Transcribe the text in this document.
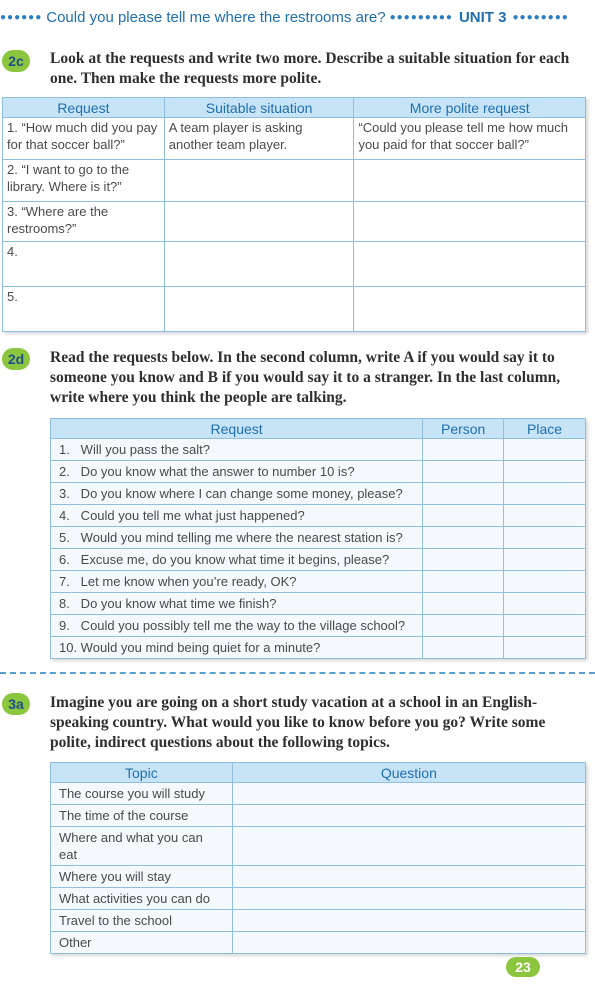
●●●●●● Could you please tell me where the restrooms are? ●●●●●●●●● UNIT 3 ●●●●●●●●
2c	Look at the requests and write two more. Describe a suitable situation for each one. Then make the requests more polite.
Request	Suitable situation	More polite request
1. “How much did you pay for that soccer ball?”	A team player is asking another team player.	“Could you please tell me how much you paid for that soccer ball?”
2. “I want to go to the library. Where is it?”		
3. “Where are the restrooms?”		
4.		
5.		
2d	Read the requests below. In the second column, write A if you would say it to someone you know and B if you would say it to a stranger. In the last column, write where you think the people are talking.
Request	Person	Place
1.   Will you pass the salt?		
2.   Do you know what the answer to number 10 is?		
3.   Do you know where I can change some money, please?		
4.   Could you tell me what just happened?		
5.   Would you mind telling me where the nearest station is?		
6.   Excuse me, do you know what time it begins, please?		
7.   Let me know when you’re ready, OK?		
8.   Do you know what time we finish?		
9.   Could you possibly tell me the way to the village school?		
10. Would you mind being quiet for a minute?		
3a	Imagine you are going on a short study vacation at a school in an English-speaking country. What would you like to know before you go? Write some polite, indirect questions about the following topics.
Topic	Question
The course you will study	
The time of the course	
Where and what you can eat	
Where you will stay	
What activities you can do	
Travel to the school	
Other	
23
